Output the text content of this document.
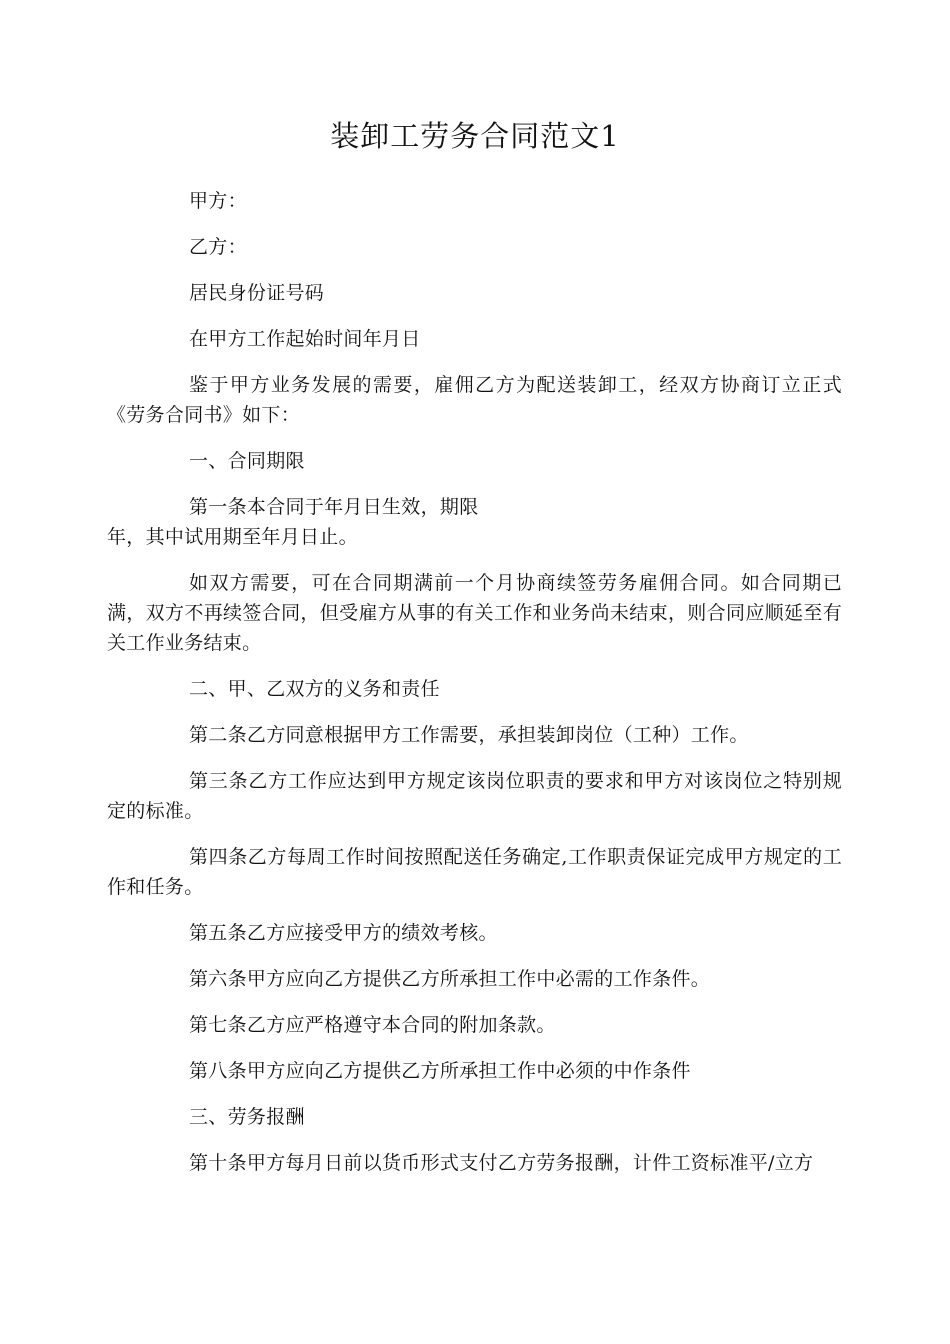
装卸工劳务合同范文1

甲方：

乙方：

居民身份证号码

在甲方工作起始时间年月日

鉴于甲方业务发展的需要，雇佣乙方为配送装卸工，经双方协商订立正式《劳务合同书》如下：

一、合同期限

第一条本合同于年月日生效，期限
年，其中试用期至年月日止。

如双方需要，可在合同期满前一个月协商续签劳务雇佣合同。如合同期已满，双方不再续签合同，但受雇方从事的有关工作和业务尚未结束，则合同应顺延至有关工作业务结束。

二、甲、乙双方的义务和责任

第二条乙方同意根据甲方工作需要，承担装卸岗位（工种）工作。

第三条乙方工作应达到甲方规定该岗位职责的要求和甲方对该岗位之特别规定的标准。

第四条乙方每周工作时间按照配送任务确定,工作职责保证完成甲方规定的工作和任务。

第五条乙方应接受甲方的绩效考核。

第六条甲方应向乙方提供乙方所承担工作中必需的工作条件。

第七条乙方应严格遵守本合同的附加条款。

第八条甲方应向乙方提供乙方所承担工作中必须的中作条件

三、劳务报酬

第十条甲方每月日前以货币形式支付乙方劳务报酬，计件工资标准平/立方
